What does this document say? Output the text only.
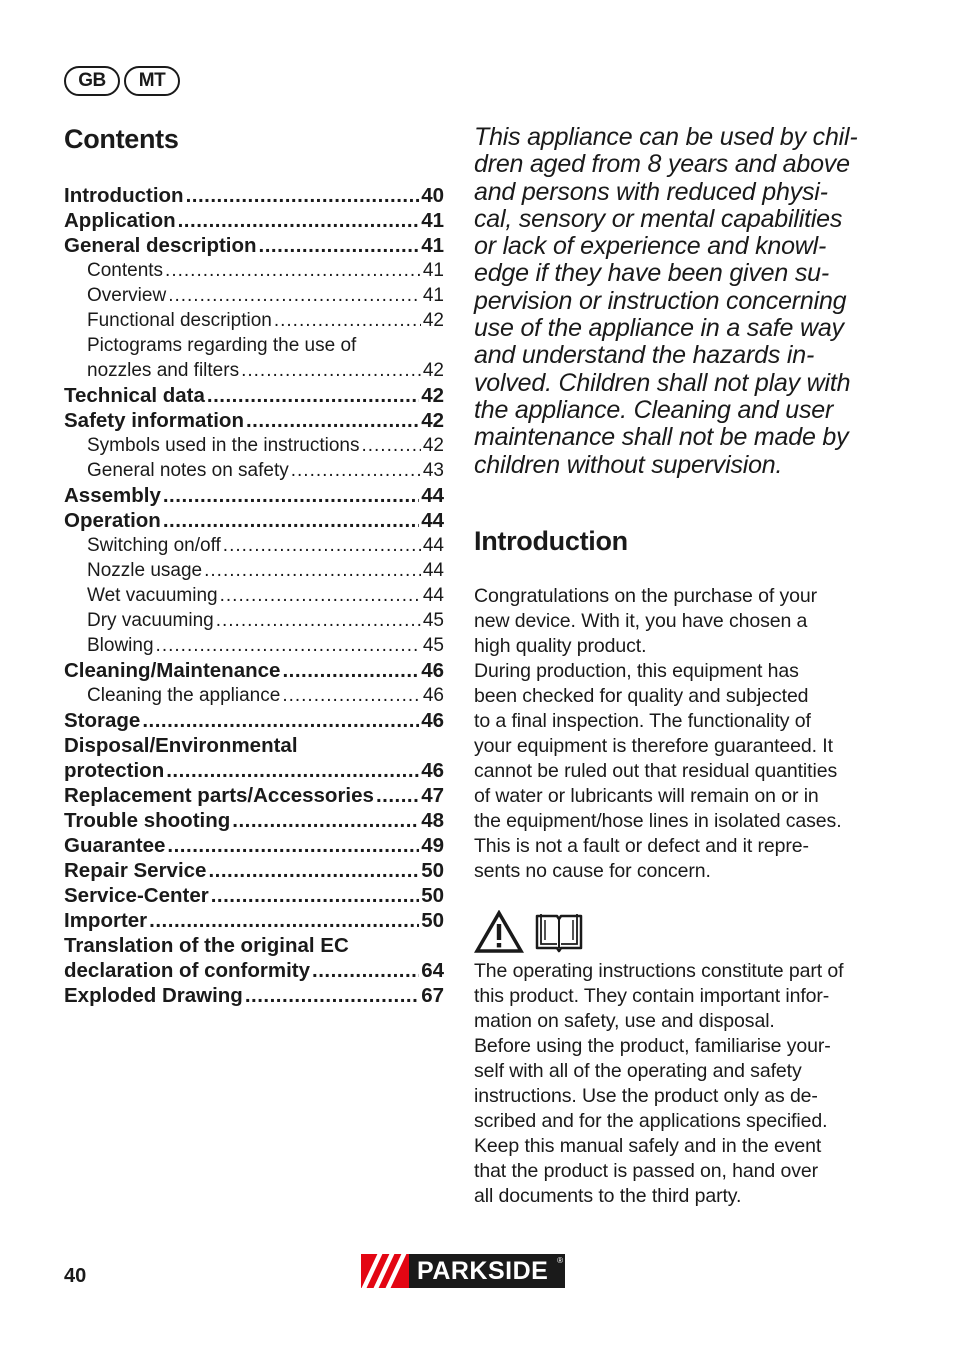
GB	MT
Contents
Introduction .....	40
Application .....	41
General description .....	41
Contents .....	41
Overview .....	41
Functional description .....	42
Pictograms regarding the use of
nozzles and filters .....	42
Technical data .....	42
Safety information .....	42
Symbols used in the instructions .....	42
General notes on safety .....	43
Assembly .....	44
Operation .....	44
Switching on/off .....	44
Nozzle usage .....	44
Wet vacuuming .....	44
Dry vacuuming .....	45
Blowing .....	45
Cleaning/Maintenance .....	46
Cleaning the appliance .....	46
Storage .....	46
Disposal/Environmental
protection .....	46
Replacement parts/Accessories ..... 47
Trouble shooting .....	48
Guarantee .....	49
Repair Service .....	50
Service-Center .....	50
Importer .....	50
Translation of the original EC
declaration of conformity .....	64
Exploded Drawing .....	67

This appliance can be used by chil-
dren aged from 8 years and above
and persons with reduced physi-
cal, sensory or mental capabilities
or lack of experience and knowl-
edge if they have been given su-
pervision or instruction concerning
use of the appliance in a safe way
and understand the hazards in-
volved. Children shall not play with
the appliance. Cleaning and user
maintenance shall not be made by
children without supervision.

Introduction

Congratulations on the purchase of your
new device. With it, you have chosen a
high quality product.
During production, this equipment has
been checked for quality and subjected
to a final inspection. The functionality of
your equipment is therefore guaranteed. It
cannot be ruled out that residual quantities
of water or lubricants will remain on or in
the equipment/hose lines in isolated cases.
This is not a fault or defect and it repre-
sents no cause for concern.

The operating instructions constitute part of
this product. They contain important infor-
mation on safety, use and disposal.
Before using the product, familiarise your-
self with all of the operating and safety
instructions. Use the product only as de-
scribed and for the applications specified.
Keep this manual safely and in the event
that the product is passed on, hand over
all documents to the third party.

40	PARKSIDE ®
